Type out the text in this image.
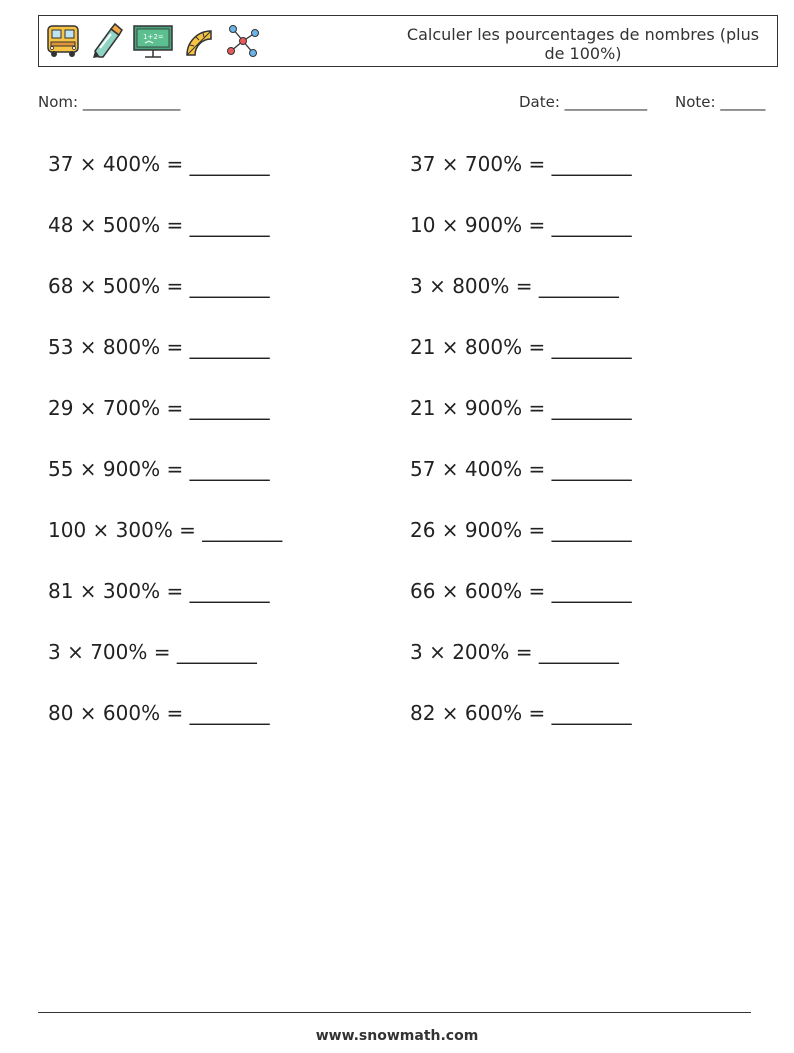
1+2=	Calculer les pourcentages de nombres (plus
de 100%)
Nom: _____________	Date: ___________ Note: ______
37 × 400% = ________
48 × 500% = ________
68 × 500% = ________
53 × 800% = ________
29 × 700% = ________
55 × 900% = ________
100 × 300% = ________
81 × 300% = ________
3 × 700% = ________
80 × 600% = ________
37 × 700% = ________
10 × 900% = ________
3 × 800% = ________
21 × 800% = ________
21 × 900% = ________
57 × 400% = ________
26 × 900% = ________
66 × 600% = ________
3 × 200% = ________
82 × 600% = ________
www.snowmath.com
